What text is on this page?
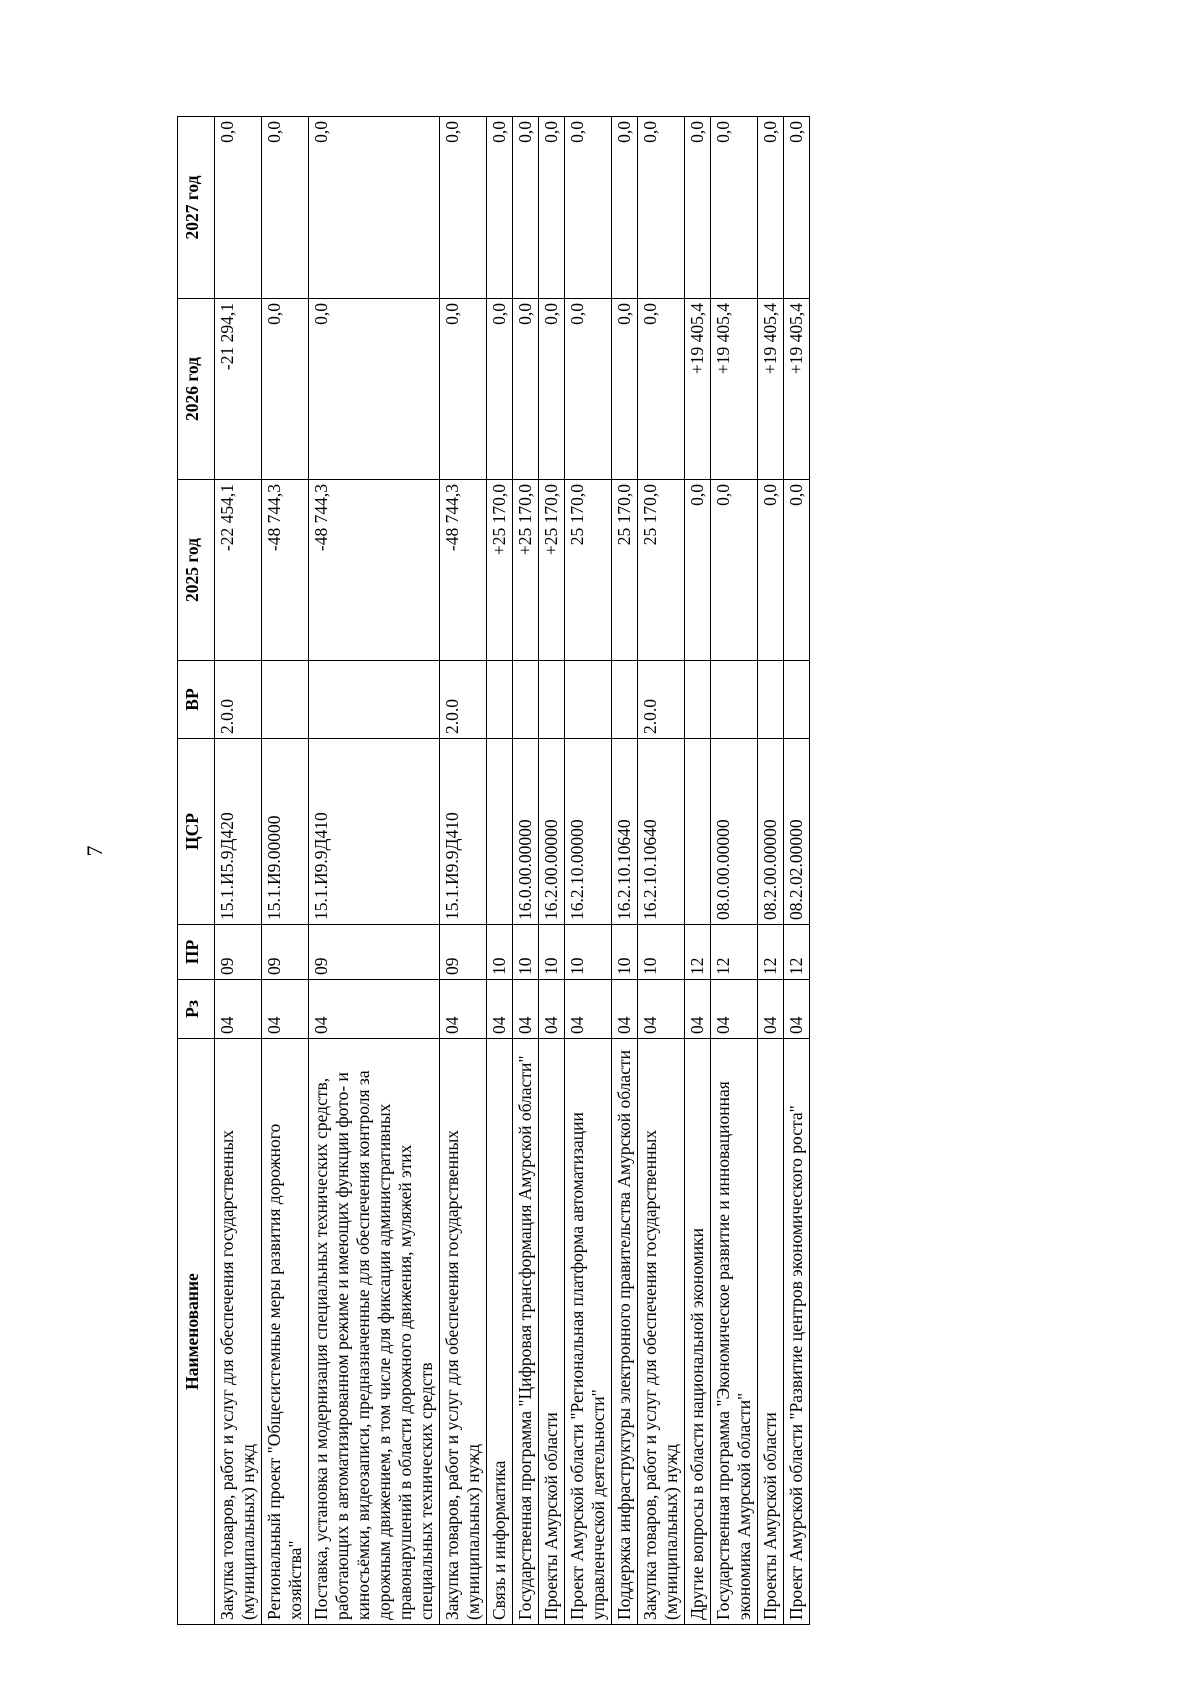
7
Наименование	Рз	ПР	ЦСР	ВР	2025 год	2026 год	2027 год
Закупка товаров, работ и услуг для обеспечения государственных (муниципальных) нужд	04	09	15.1.И5.9Д420	2.0.0	-22 454,1	-21 294,1	0,0
Региональный проект "Общесистемные меры развития дорожного хозяйства"	04	09	15.1.И9.00000		-48 744,3	0,0	0,0
Поставка, установка и модернизация специальных технических средств, работающих в автоматизированном режиме и имеющих функции фото- и киносъёмки, видеозаписи, предназначенные для обеспечения контроля за дорожным движением, в том числе для фиксации административных правонарушений в области дорожного движения, муляжей этих специальных технических средств	04	09	15.1.И9.9Д410		-48 744,3	0,0	0,0
Закупка товаров, работ и услуг для обеспечения государственных (муниципальных) нужд	04	09	15.1.И9.9Д410	2.0.0	-48 744,3	0,0	0,0
Связь и информатика	04	10			+25 170,0	0,0	0,0
Государственная программа "Цифровая трансформация Амурской области"	04	10	16.0.00.00000		+25 170,0	0,0	0,0
Проекты Амурской области	04	10	16.2.00.00000		+25 170,0	0,0	0,0
Проект Амурской области "Региональная платформа автоматизации управленческой деятельности"	04	10	16.2.10.00000		25 170,0	0,0	0,0
Поддержка инфраструктуры электронного правительства Амурской области	04	10	16.2.10.10640		25 170,0	0,0	0,0
Закупка товаров, работ и услуг для обеспечения государственных (муниципальных) нужд	04	10	16.2.10.10640	2.0.0	25 170,0	0,0	0,0
Другие вопросы в области национальной экономики	04	12			0,0	+19 405,4	0,0
Государственная программа "Экономическое развитие и инновационная экономика Амурской области"	04	12	08.0.00.00000		0,0	+19 405,4	0,0
Проекты Амурской области	04	12	08.2.00.00000		0,0	+19 405,4	0,0
Проект Амурской области "Развитие центров экономического роста"	04	12	08.2.02.00000		0,0	+19 405,4	0,0
